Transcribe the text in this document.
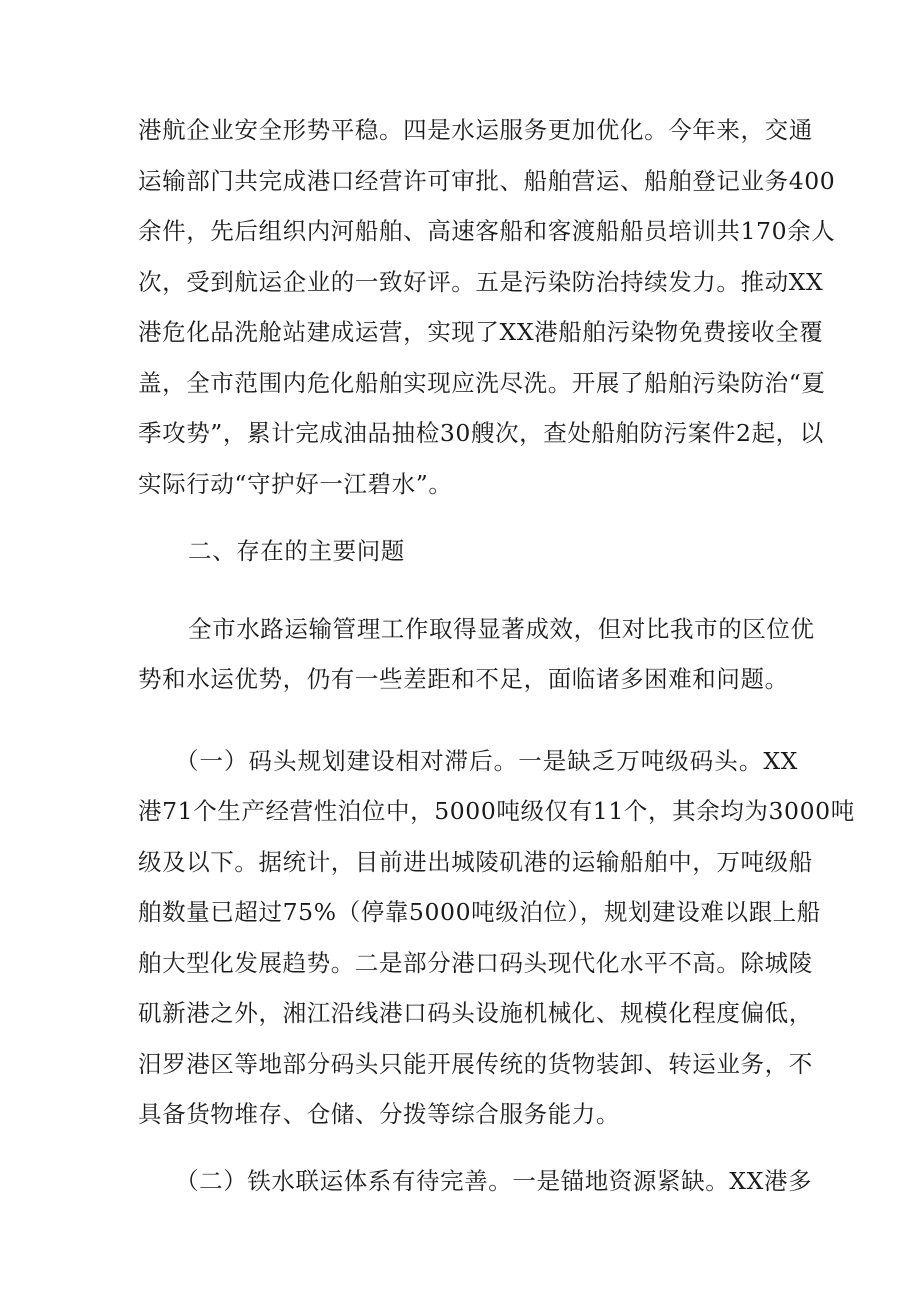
港航企业安全形势平稳。四是水运服务更加优化。今年来，交通
运输部门共完成港口经营许可审批、船舶营运、船舶登记业务400
余件，先后组织内河船舶、高速客船和客渡船船员培训共170余人
次，受到航运企业的一致好评。五是污染防治持续发力。推动XX
港危化品洗舱站建成运营，实现了XX港船舶污染物免费接收全覆
盖，全市范围内危化船舶实现应洗尽洗。开展了船舶污染防治“夏
季攻势”，累计完成油品抽检30艘次，查处船舶防污案件2起，以
实际行动“守护好一江碧水”。
二、存在的主要问题
全市水路运输管理工作取得显著成效，但对比我市的区位优
势和水运优势，仍有一些差距和不足，面临诸多困难和问题。
（一）码头规划建设相对滞后。一是缺乏万吨级码头。XX
港71个生产经营性泊位中，5000吨级仅有11个，其余均为3000吨
级及以下。据统计，目前进出城陵矶港的运输船舶中，万吨级船
舶数量已超过75%（停靠5000吨级泊位），规划建设难以跟上船
舶大型化发展趋势。二是部分港口码头现代化水平不高。除城陵
矶新港之外，湘江沿线港口码头设施机械化、规模化程度偏低，
汨罗港区等地部分码头只能开展传统的货物装卸、转运业务，不
具备货物堆存、仓储、分拨等综合服务能力。
（二）铁水联运体系有待完善。一是锚地资源紧缺。XX港多
